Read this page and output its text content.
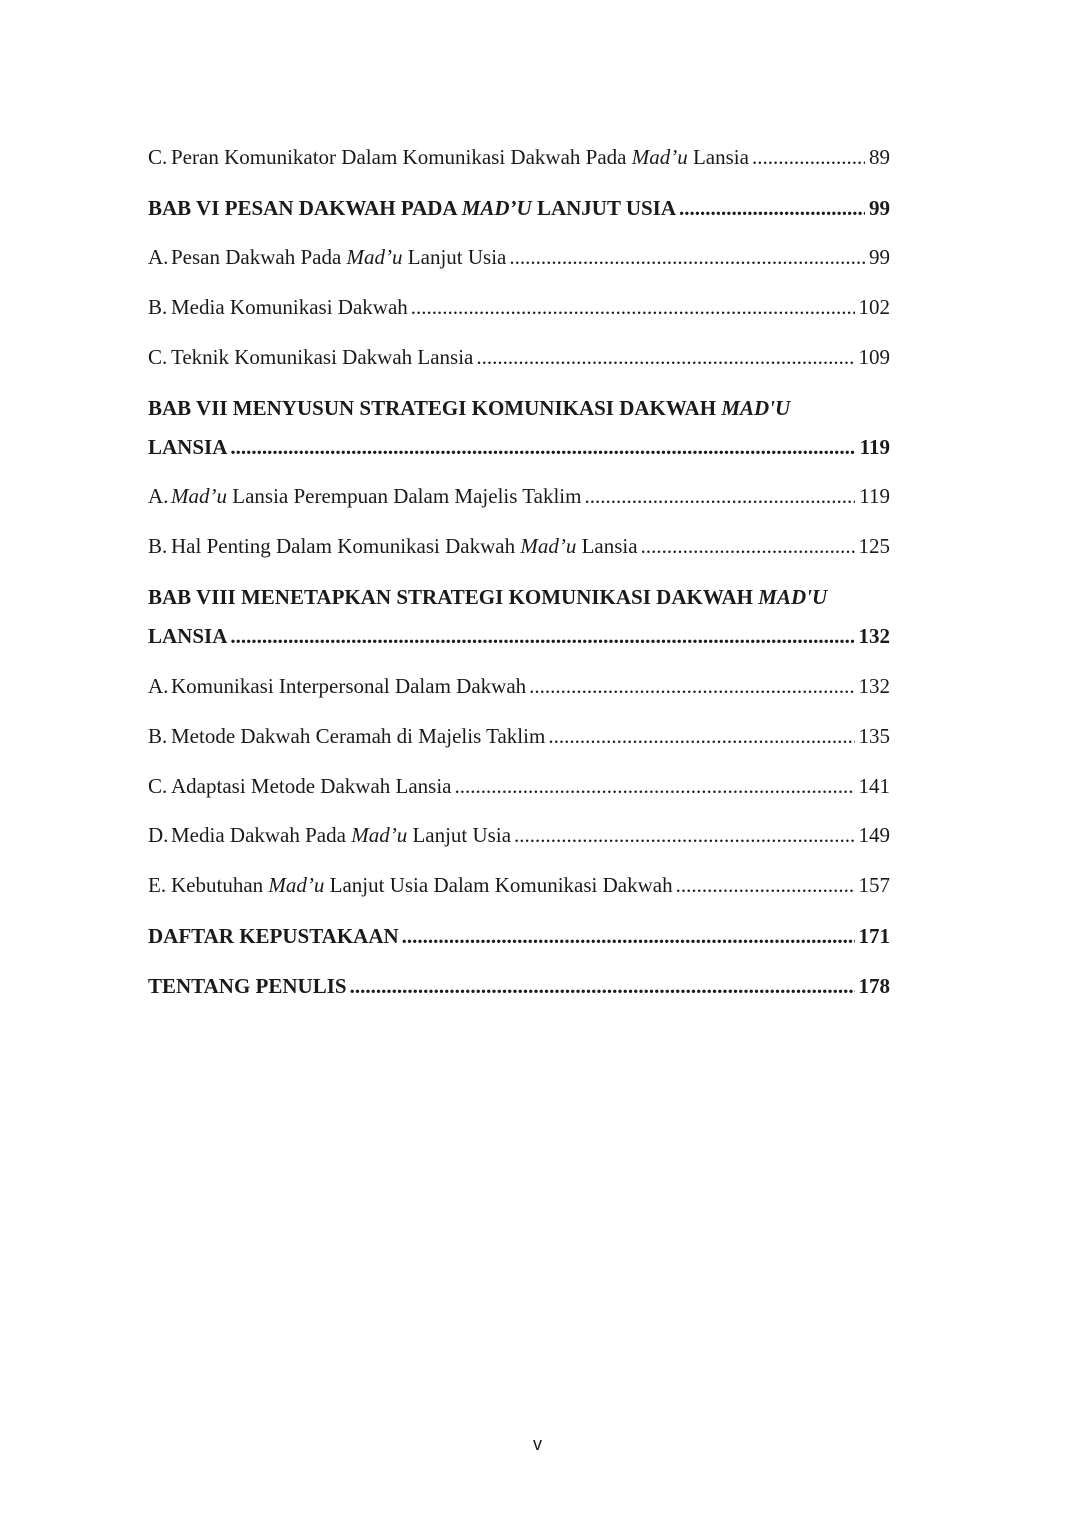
C. Peran Komunikator Dalam Komunikasi Dakwah Pada Mad’u Lansia .....	89
BAB VI PESAN DAKWAH PADA MAD’U LANJUT USIA .....	99
A. Pesan Dakwah Pada Mad’u Lanjut Usia .....	99
B. Media Komunikasi Dakwah .....	102
C. Teknik Komunikasi Dakwah Lansia .....	109
BAB VII MENYUSUN STRATEGI KOMUNIKASI DAKWAH MAD'U
LANSIA .....	119
A. Mad’u Lansia Perempuan Dalam Majelis Taklim .....	119
B. Hal Penting Dalam Komunikasi Dakwah Mad’u Lansia .....	125
BAB VIII MENETAPKAN STRATEGI KOMUNIKASI DAKWAH MAD'U
LANSIA .....	132
A. Komunikasi Interpersonal Dalam Dakwah .....	132
B. Metode Dakwah Ceramah di Majelis Taklim .....	135
C. Adaptasi Metode Dakwah Lansia .....	141
D. Media Dakwah Pada Mad’u Lanjut Usia .....	149
E. Kebutuhan Mad’u Lanjut Usia Dalam Komunikasi Dakwah .....	157
DAFTAR KEPUSTAKAAN .....	171
TENTANG PENULIS .....	178
v
